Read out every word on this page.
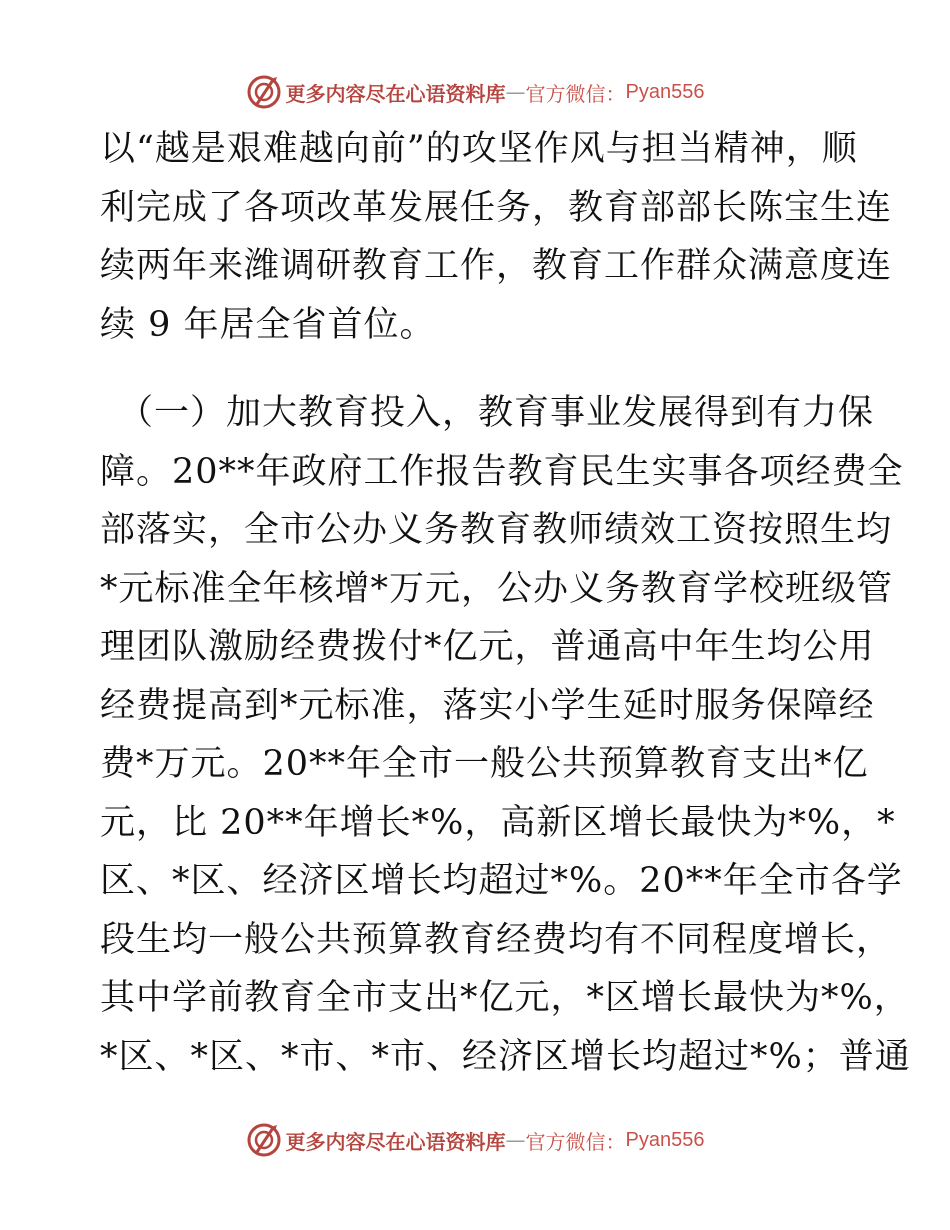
更多内容尽在心语资料库 — 官方微信： Pyan556
以“越是艰难越向前”的攻坚作风与担当精神，顺
利完成了各项改革发展任务，教育部部长陈宝生连
续两年来潍调研教育工作，教育工作群众满意度连
续 9 年居全省首位。
（一）加大教育投入，教育事业发展得到有力保
障。20**年政府工作报告教育民生实事各项经费全
部落实，全市公办义务教育教师绩效工资按照生均
*元标准全年核增*万元，公办义务教育学校班级管
理团队激励经费拨付*亿元，普通高中年生均公用
经费提高到*元标准，落实小学生延时服务保障经
费*万元。20**年全市一般公共预算教育支出*亿
元，比 20**年增长*%，高新区增长最快为*%，*
区、*区、经济区增长均超过*%。20**年全市各学
段生均一般公共预算教育经费均有不同程度增长，
其中学前教育全市支出*亿元，*区增长最快为*%，
*区、*区、*市、*市、经济区增长均超过*%；普通
更多内容尽在心语资料库 — 官方微信： Pyan556
